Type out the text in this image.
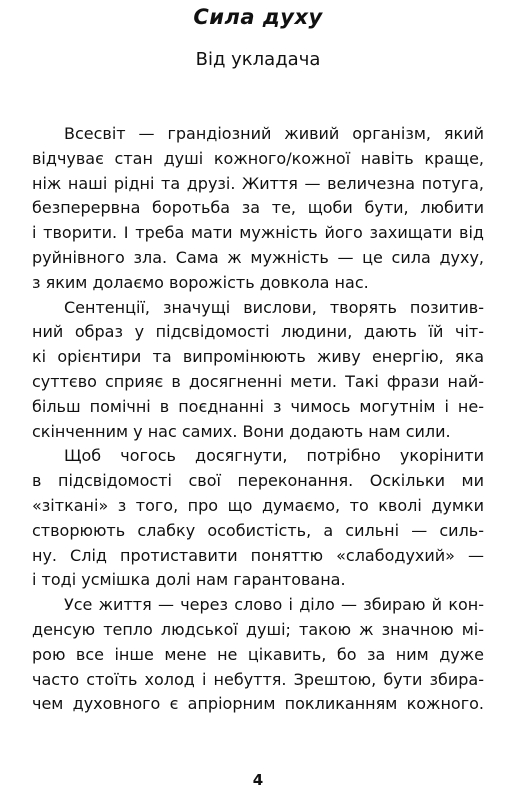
Сила духу
Від укладача
Всесвіт — грандіозний живий організм, який
відчуває стан душі кожного/кожної навіть краще,
ніж наші рідні та друзі. Життя — величезна потуга,
безперервна боротьба за те, щоби бути, любити
і творити. І треба мати мужність його захищати від
руйнівного зла. Сама ж мужність — це сила духу,
з яким долаємо ворожість довкола нас.
Сентенції, значущі вислови, творять позитив-
ний образ у підсвідомості людини, дають їй чіт-
кі орієнтири та випромінюють живу енергію, яка
суттєво сприяє в досягненні мети. Такі фрази най-
більш помічні в поєднанні з чимось могутнім і не-
скінченним у нас самих. Вони додають нам сили.
Щоб чогось досягнути, потрібно укорінити
в підсвідомості свої переконання. Оскільки ми
«зіткані» з того, про що думаємо, то кволі думки
створюють слабку особистість, а сильні — силь-
ну. Слід протиставити поняттю «слабодухий» —
і тоді усмішка долі нам гарантована.
Усе життя — через слово і діло — збираю й кон-
денсую тепло людської душі; такою ж значною мі-
рою все інше мене не цікавить, бо за ним дуже
часто стоїть холод і небуття. Зрештою, бути збира-
чем духовного є апріорним покликанням кожного.
4
